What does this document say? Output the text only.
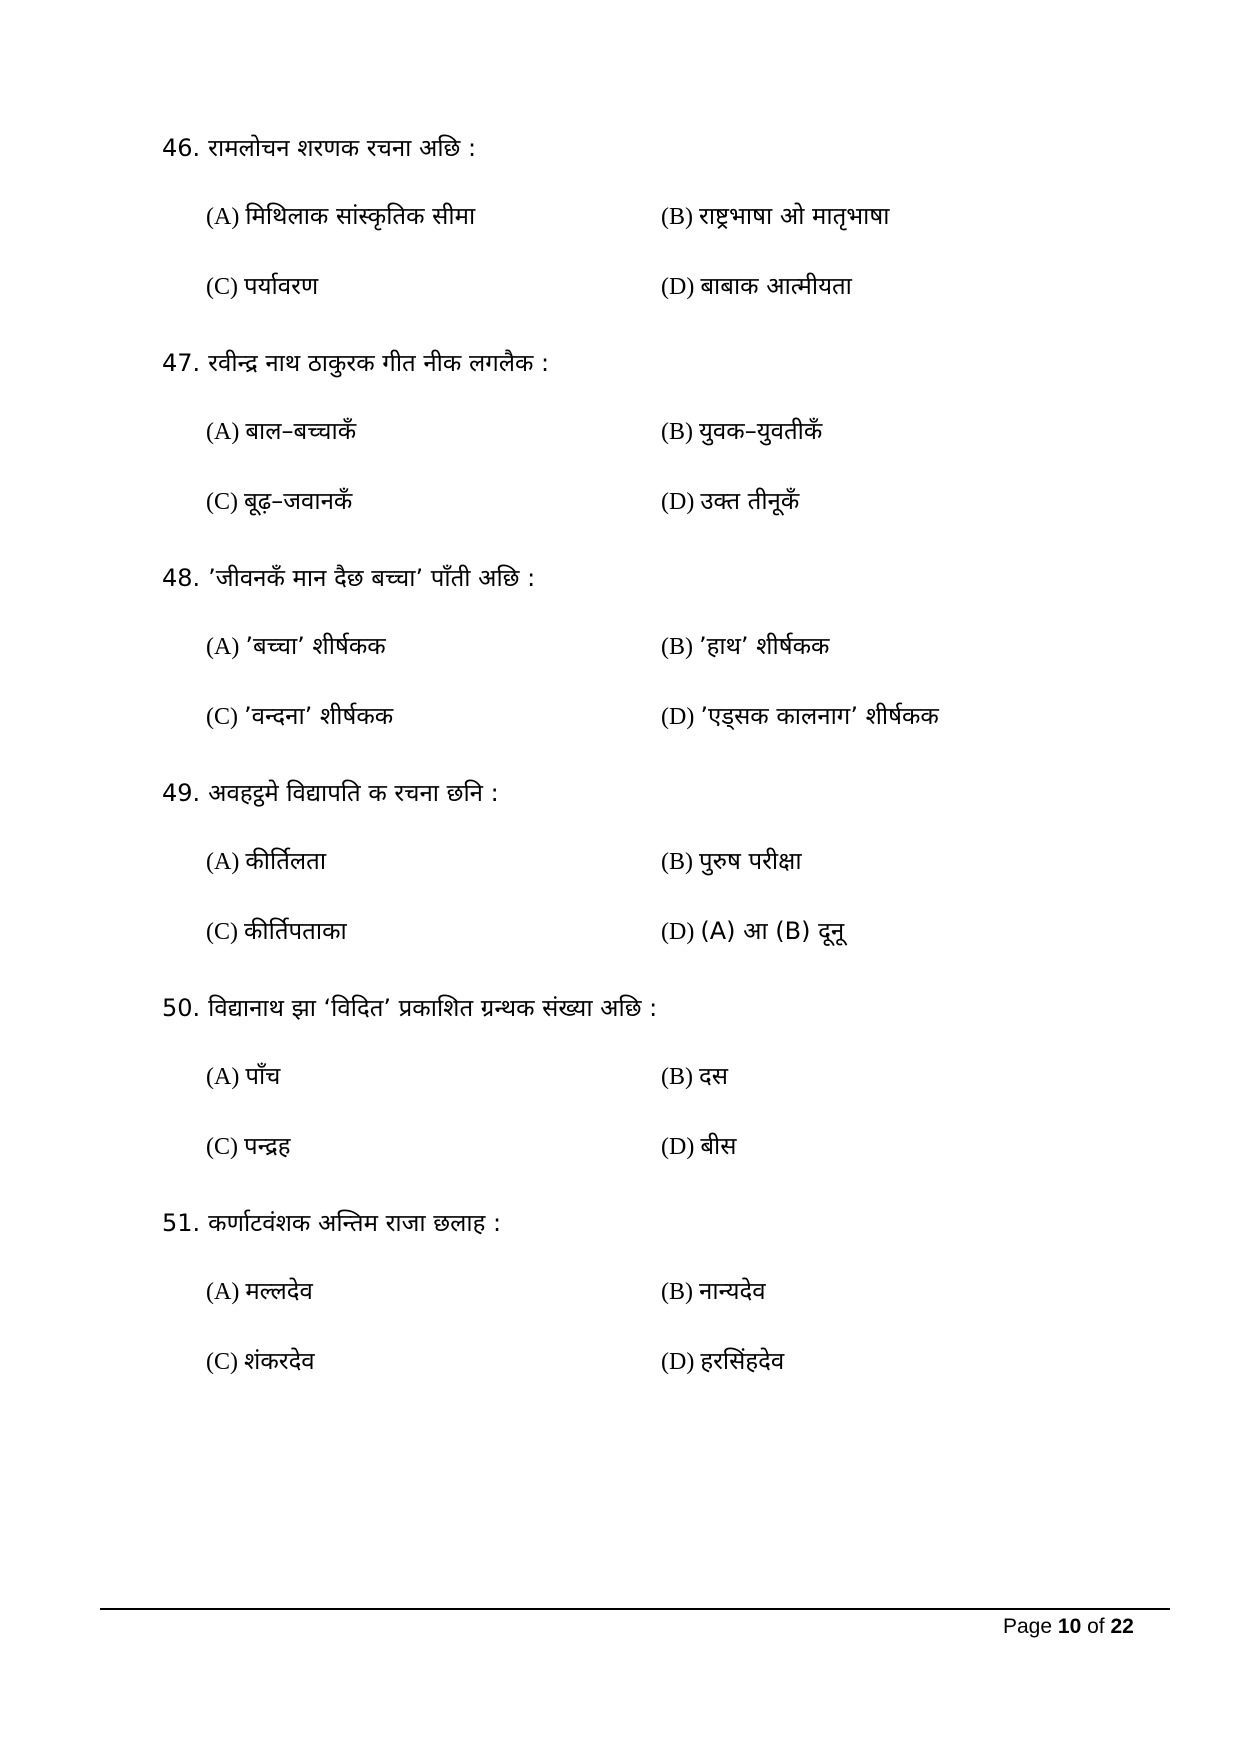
46. रामलोचन शरणक रचना अछि :
(A) मिथिलाक सांस्कृतिक सीमा	(B) राष्ट्रभाषा ओ मातृभाषा
(C) पर्यावरण	(D) बाबाक आत्मीयता
47. रवीन्द्र नाथ ठाकुरक गीत नीक लगलैक :
(A) बाल–बच्चाकँ	(B) युवक–युवतीकँ
(C) बूढ़–जवानकँ	(D) उक्त तीनूकँ
48. ’जीवनकँ मान दैछ बच्चा’ पाँती अछि :
(A) ’बच्चा’ शीर्षकक	(B) ’हाथ’ शीर्षकक
(C) ’वन्दना’ शीर्षकक	(D) ’एड्सक कालनाग’ शीर्षकक
49. अवहट्ठमे विद्यापति क रचना छनि :
(A) कीर्तिलता	(B) पुरुष परीक्षा
(C) कीर्तिपताका	(D) (A) आ (B) दूनू
50. विद्यानाथ झा ‘विदित’ प्रकाशित ग्रन्थक संख्या अछि :
(A) पाँच	(B) दस
(C) पन्द्रह	(D) बीस
51. कर्णाटवंशक अन्तिम राजा छलाह :
(A) मल्लदेव	(B) नान्यदेव
(C) शंकरदेव	(D) हरसिंहदेव
Page 10 of 22
